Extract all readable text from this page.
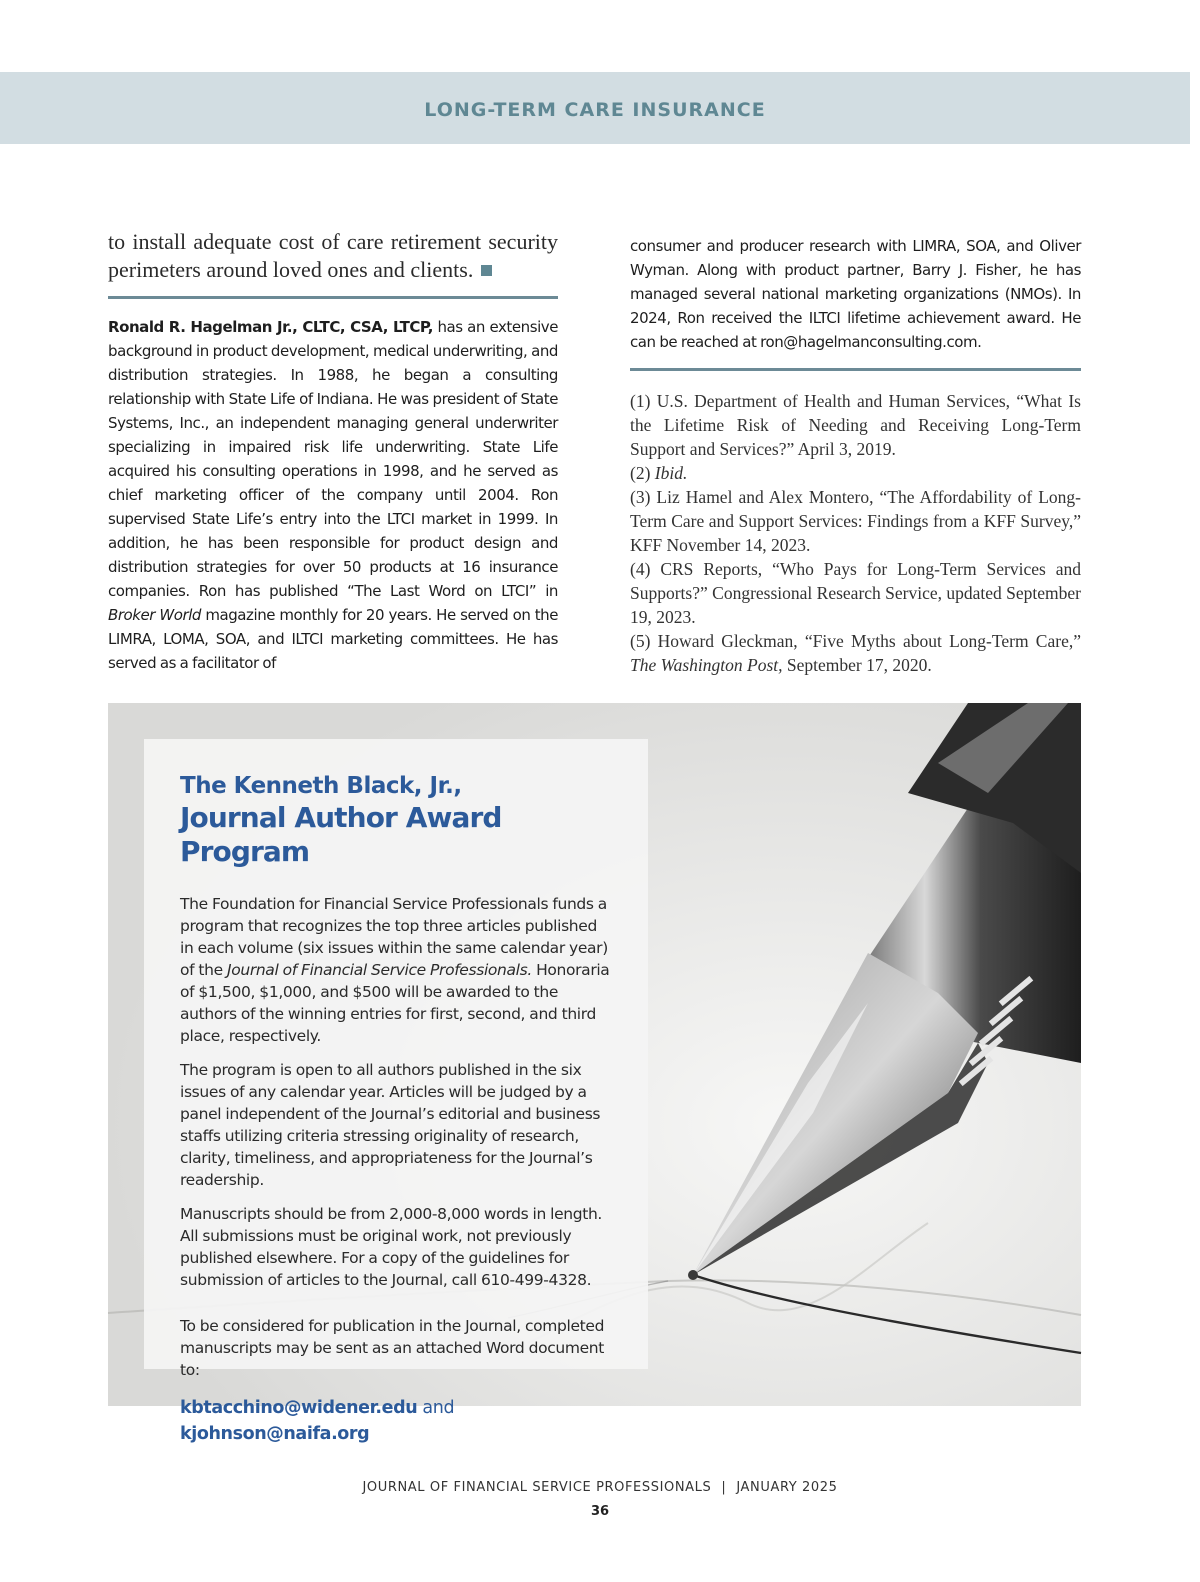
LONG-TERM CARE INSURANCE

to install adequate cost of care retirement security perimeters around loved ones and clients.

Ronald R. Hagelman Jr., CLTC, CSA, LTCP, has an extensive background in product development, medical underwriting, and distribution strategies. In 1988, he began a consulting relationship with State Life of Indiana. He was president of State Systems, Inc., an independent managing general underwriter specializing in impaired risk life underwriting. State Life acquired his consulting operations in 1998, and he served as chief marketing officer of the company until 2004. Ron supervised State Life’s entry into the LTCI market in 1999. In addition, he has been responsible for product design and distribution strategies for over 50 products at 16 insurance companies. Ron has published “The Last Word on LTCI” in Broker World magazine monthly for 20 years. He served on the LIMRA, LOMA, SOA, and ILTCI marketing committees. He has served as a facilitator of

consumer and producer research with LIMRA, SOA, and Oliver Wyman. Along with product partner, Barry J. Fisher, he has managed several national marketing organizations (NMOs). In 2024, Ron received the ILTCI lifetime achievement award. He can be reached at ron@hagelmanconsulting.com.

(1) U.S. Department of Health and Human Services, “What Is the Lifetime Risk of Needing and Receiving Long-Term Support and Services?” April 3, 2019.
(2) Ibid.
(3) Liz Hamel and Alex Montero, “The Affordability of Long-Term Care and Support Services: Findings from a KFF Survey,” KFF November 14, 2023.
(4) CRS Reports, “Who Pays for Long-Term Services and Supports?” Congressional Research Service, updated September 19, 2023.
(5) Howard Gleckman, “Five Myths about Long-Term Care,” The Washington Post, September 17, 2020.
The Kenneth Black, Jr.,
Journal Author Award Program

The Foundation for Financial Service Professionals funds a program that recognizes the top three articles published in each volume (six issues within the same calendar year) of the Journal of Financial Service Professionals. Honoraria of $1,500, $1,000, and $500 will be awarded to the authors of the winning entries for first, second, and third place, respectively.

The program is open to all authors published in the six issues of any calendar year. Articles will be judged by a panel independent of the Journal’s editorial and business staffs utilizing criteria stressing originality of research, clarity, timeliness, and appropriateness for the Journal’s readership.

Manuscripts should be from 2,000-8,000 words in length. All submissions must be original work, not previously published elsewhere. For a copy of the guidelines for submission of articles to the Journal, call 610-499-4328.

To be considered for publication in the Journal, completed manuscripts may be sent as an attached Word document to:

kbtacchino@widener.edu and kjohnson@naifa.org

JOURNAL OF FINANCIAL SERVICE PROFESSIONALS | JANUARY 2025
36
